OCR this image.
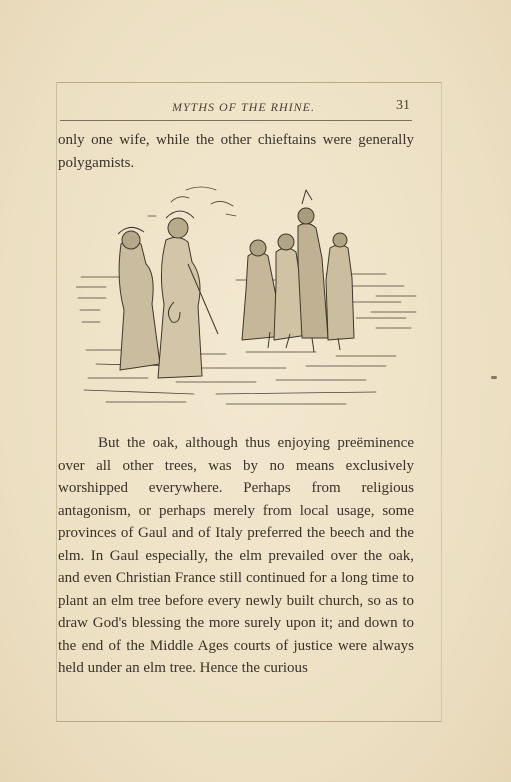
MYTHS OF THE RHINE.	31

only one wife, while the other chieftains were generally polygamists.

But the oak, although thus enjoying preëminence over all other trees, was by no means exclusively worshipped everywhere. Perhaps from religious antagonism, or perhaps merely from local usage, some provinces of Gaul and of Italy preferred the beech and the elm. In Gaul especially, the elm prevailed over the oak, and even Christian France still continued for a long time to plant an elm tree before every newly built church, so as to draw God's blessing the more surely upon it; and down to the end of the Middle Ages courts of justice were always held under an elm tree. Hence the curious
